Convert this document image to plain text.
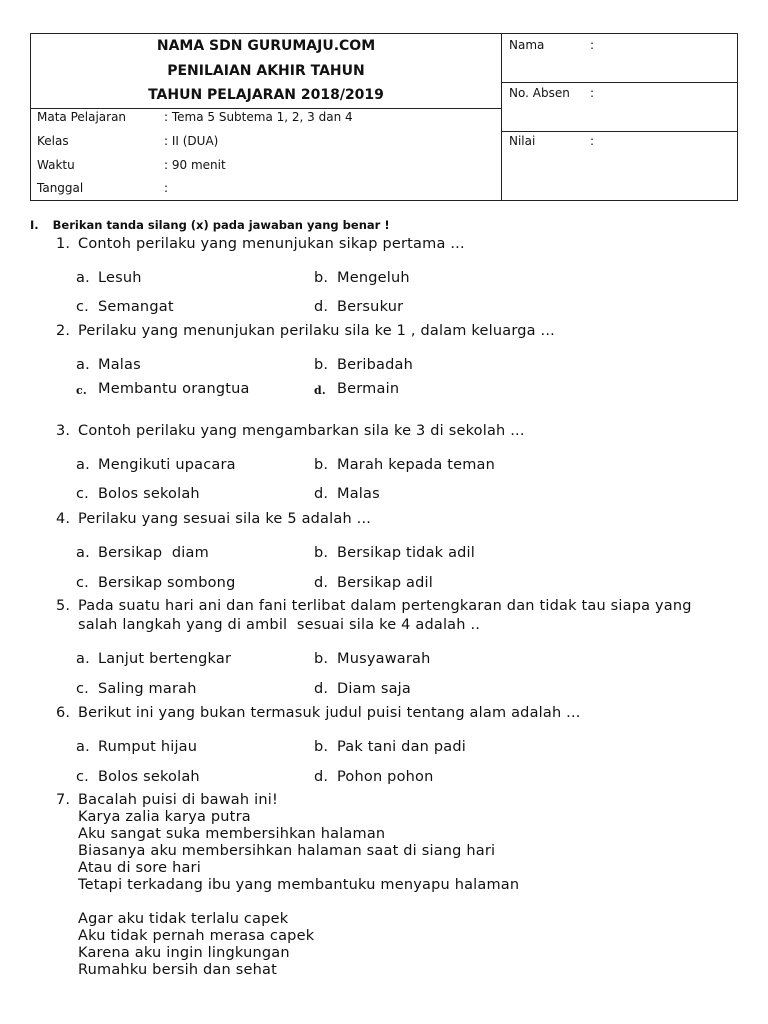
NAMA SDN GURUMAJU.COM
PENILAIAN AKHIR TAHUN
TAHUN PELAJARAN 2018/2019
Mata Pelajaran	: Tema 5 Subtema 1, 2, 3 dan 4
Kelas	: II (DUA)
Waktu	: 90 menit
Tanggal	:
Nama	:
No. Absen :
Nilai	:
I. Berikan tanda silang (x) pada jawaban yang benar !
1. Contoh perilaku yang menunjukan sikap pertama ...
a. Lesuh	b. Mengeluh
c. Semangat	d. Bersukur
2. Perilaku yang menunjukan perilaku sila ke 1 , dalam keluarga ...
a. Malas	b. Beribadah
c. Membantu orangtua	d. Bermain
3. Contoh perilaku yang mengambarkan sila ke 3 di sekolah ...
a. Mengikuti upacara	b. Marah kepada teman
c. Bolos sekolah	d. Malas
4. Perilaku yang sesuai sila ke 5 adalah ...
a. Bersikap  diam	b. Bersikap tidak adil
c. Bersikap sombong	d. Bersikap adil
5. Pada suatu hari ani dan fani terlibat dalam pertengkaran dan tidak tau siapa yang
salah langkah yang di ambil  sesuai sila ke 4 adalah ..
a. Lanjut bertengkar	b. Musyawarah
c. Saling marah	d. Diam saja
6. Berikut ini yang bukan termasuk judul puisi tentang alam adalah ...
a. Rumput hijau	b. Pak tani dan padi
c. Bolos sekolah	d. Pohon pohon
7. Bacalah puisi di bawah ini!
Karya zalia karya putra
Aku sangat suka membersihkan halaman
Biasanya aku membersihkan halaman saat di siang hari
Atau di sore hari
Tetapi terkadang ibu yang membantuku menyapu halaman
Agar aku tidak terlalu capek
Aku tidak pernah merasa capek
Karena aku ingin lingkungan
Rumahku bersih dan sehat
